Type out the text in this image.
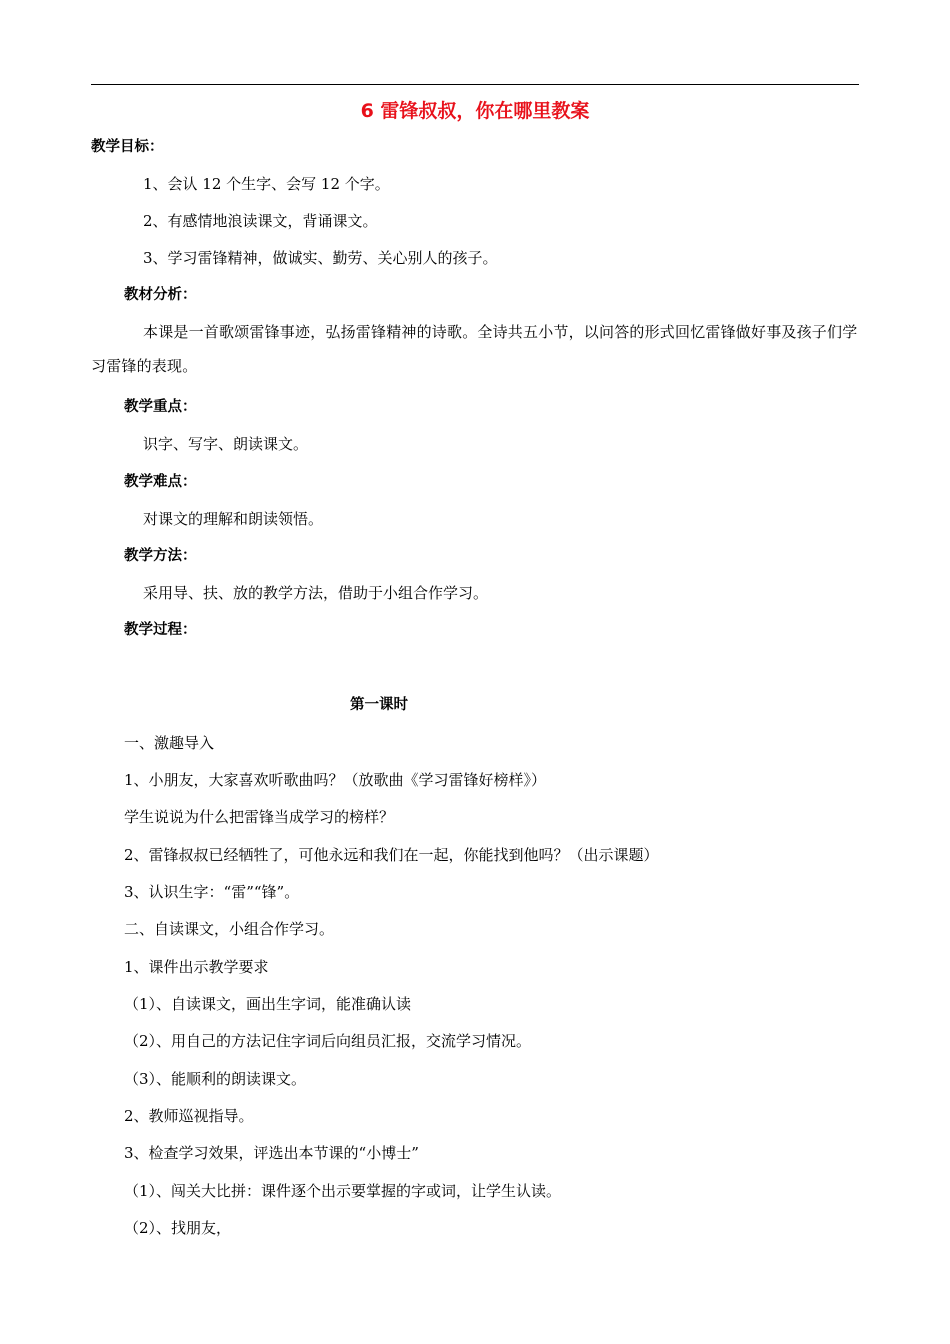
6 雷锋叔叔，你在哪里教案
教学目标：
1、会认 12 个生字、会写 12 个字。
2、有感情地浪读课文，背诵课文。
3、学习雷锋精神，做诚实、勤劳、关心别人的孩子。
教材分析：
本课是一首歌颂雷锋事迹，弘扬雷锋精神的诗歌。全诗共五小节，以问答的形式回忆雷锋做好事及孩子们学习雷锋的表现。
教学重点：
识字、写字、朗读课文。
教学难点：
对课文的理解和朗读领悟。
教学方法：
采用导、扶、放的教学方法，借助于小组合作学习。
教学过程：
第一课时
一、激趣导入
1、小朋友，大家喜欢听歌曲吗？（放歌曲《学习雷锋好榜样》）
学生说说为什么把雷锋当成学习的榜样？
2、雷锋叔叔已经牺牲了，可他永远和我们在一起，你能找到他吗？（出示课题）
3、认识生字：“雷”“锋”。
二、自读课文，小组合作学习。
1、课件出示教学要求
（1）、自读课文，画出生字词，能准确认读
（2）、用自己的方法记住字词后向组员汇报，交流学习情况。
（3）、能顺利的朗读课文。
2、教师巡视指导。
3、检查学习效果，评选出本节课的“小博士”
（1）、闯关大比拼：课件逐个出示要掌握的字或词，让学生认读。
（2）、找朋友，
